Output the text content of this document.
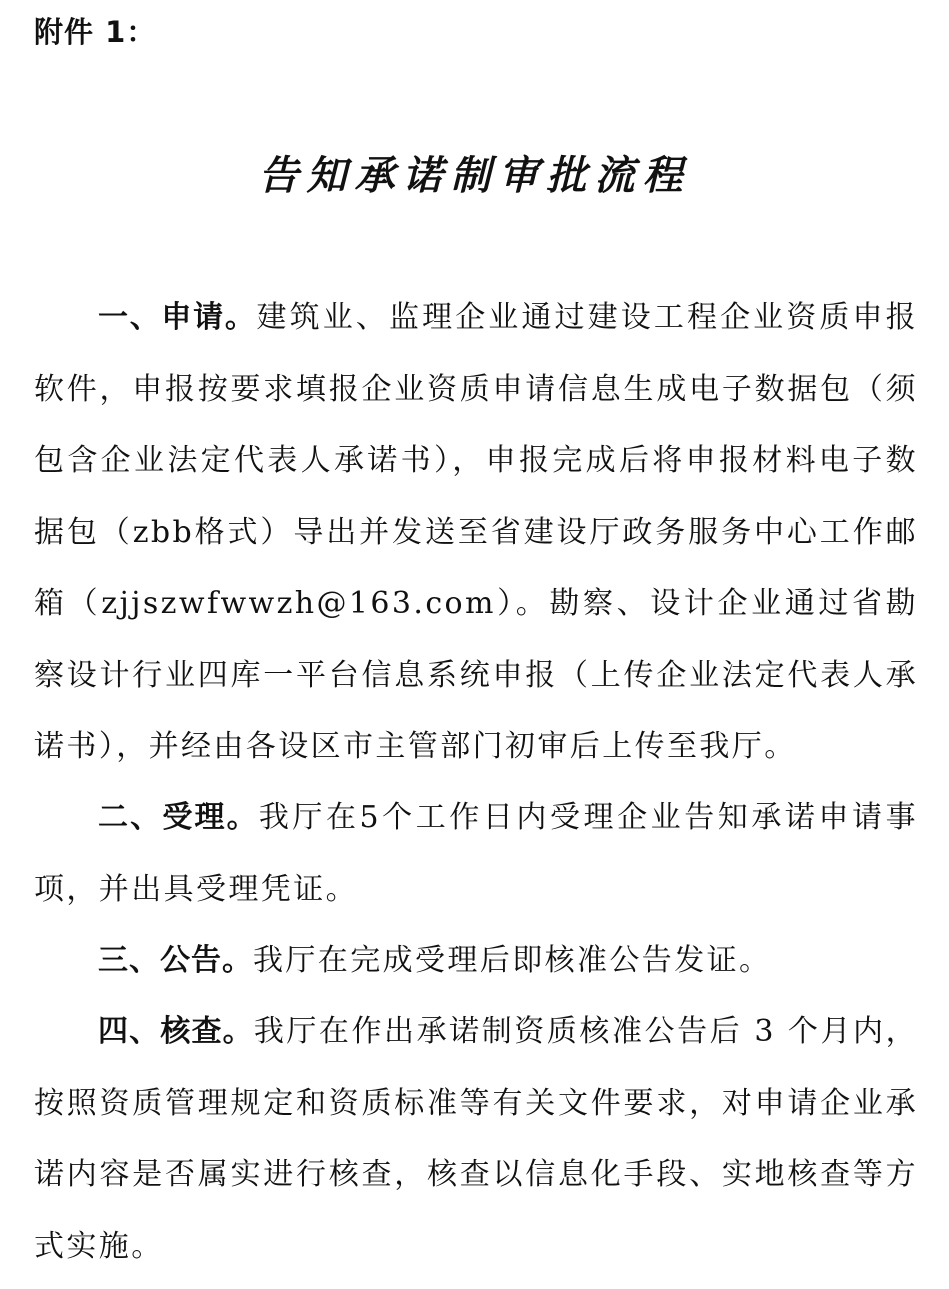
附件 1：
告知承诺制审批流程
一、申请。建筑业、监理企业通过建设工程企业资质申报软件，申报按要求填报企业资质申请信息生成电子数据包（须包含企业法定代表人承诺书），申报完成后将申报材料电子数据包（zbb格式）导出并发送至省建设厅政务服务中心工作邮箱（zjjszwfwwzh@163.com）。勘察、设计企业通过省勘察设计行业四库一平台信息系统申报（上传企业法定代表人承诺书），并经由各设区市主管部门初审后上传至我厅。
二、受理。我厅在5个工作日内受理企业告知承诺申请事项，并出具受理凭证。
三、公告。我厅在完成受理后即核准公告发证。
四、核查。我厅在作出承诺制资质核准公告后 3 个月内，按照资质管理规定和资质标准等有关文件要求，对申请企业承诺内容是否属实进行核查，核查以信息化手段、实地核查等方式实施。
